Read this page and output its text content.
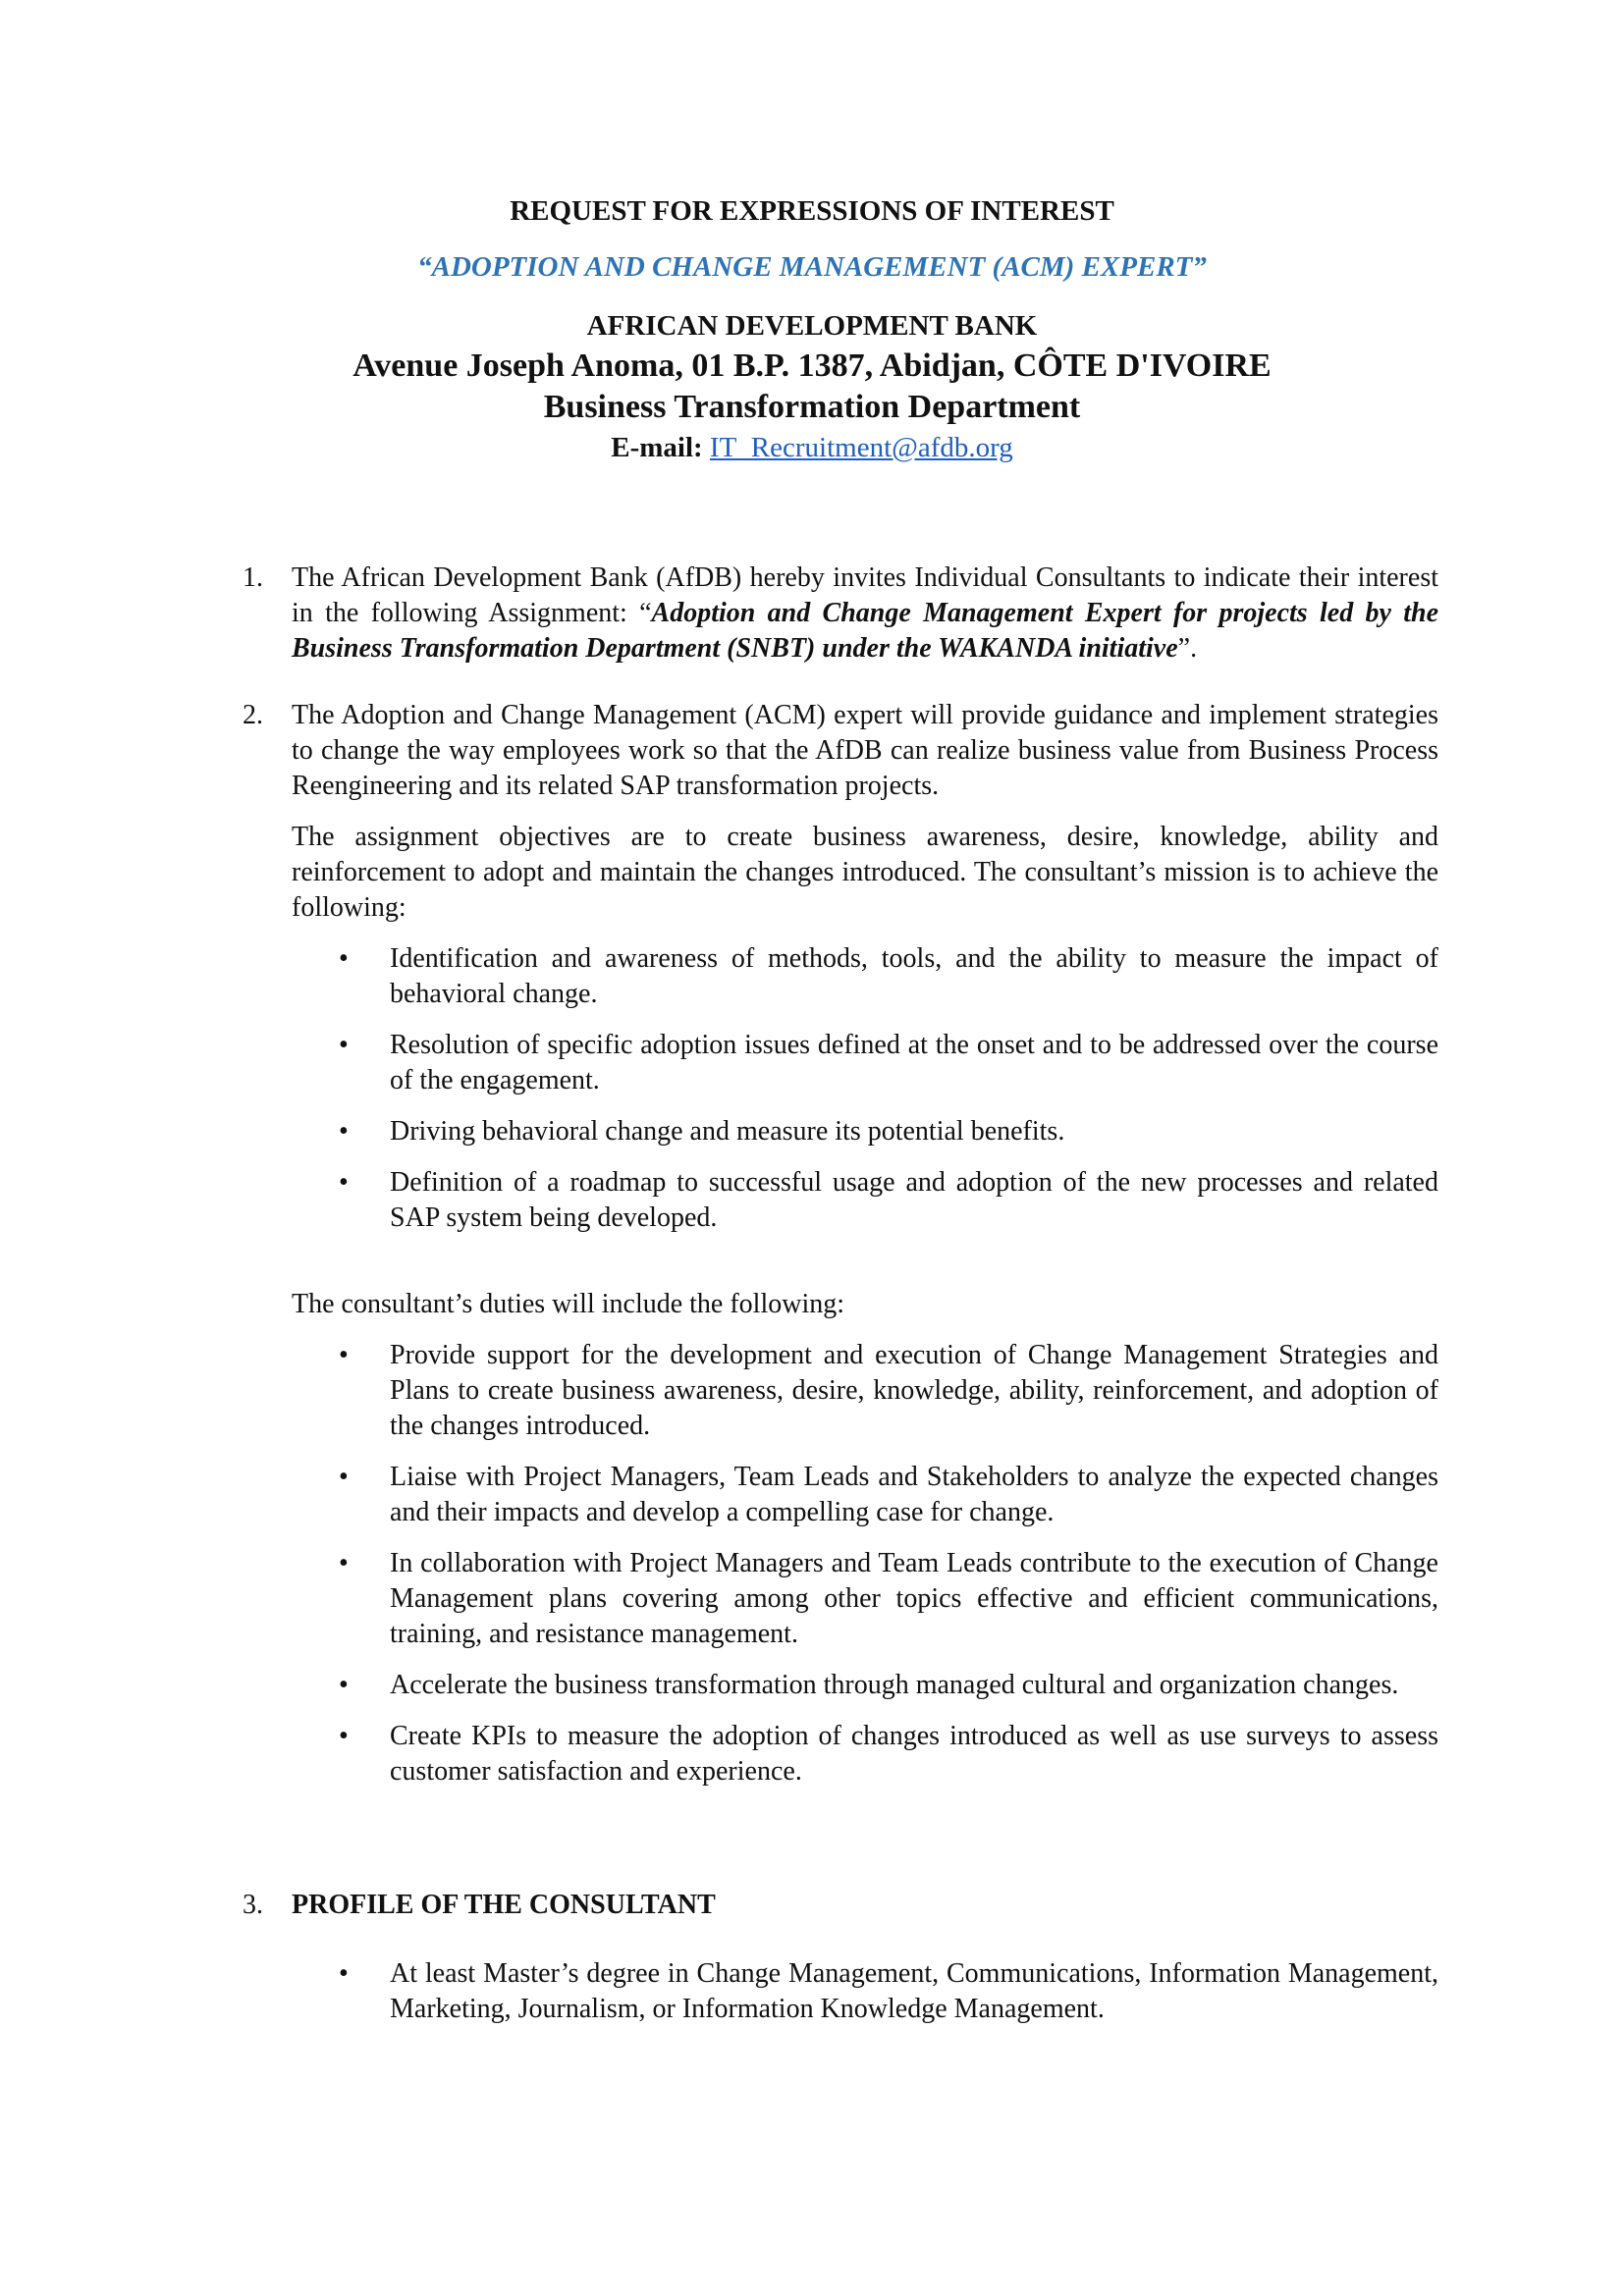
REQUEST FOR EXPRESSIONS OF INTEREST

“ADOPTION AND CHANGE MANAGEMENT (ACM) EXPERT”

AFRICAN DEVELOPMENT BANK

Avenue Joseph Anoma, 01 B.P. 1387, Abidjan, CÔTE D'IVOIRE

Business Transformation Department

E-mail: IT_Recruitment@afdb.org

1.	The African Development Bank (AfDB) hereby invites Individual Consultants to indicate their interest in the following Assignment: “Adoption and Change Management Expert for projects led by the Business Transformation Department (SNBT) under the WAKANDA initiative”.
2.	The Adoption and Change Management (ACM) expert will provide guidance and implement strategies to change the way employees work so that the AfDB can realize business value from Business Process Reengineering and its related SAP transformation projects.
The assignment objectives are to create business awareness, desire, knowledge, ability and reinforcement to adopt and maintain the changes introduced. The consultant’s mission is to achieve the following:
• Identification and awareness of methods, tools, and the ability to measure the impact of behavioral change.
• Resolution of specific adoption issues defined at the onset and to be addressed over the course of the engagement.
• Driving behavioral change and measure its potential benefits.
• Definition of a roadmap to successful usage and adoption of the new processes and related SAP system being developed.
The consultant’s duties will include the following:
• Provide support for the development and execution of Change Management Strategies and Plans to create business awareness, desire, knowledge, ability, reinforcement, and adoption of the changes introduced.
• Liaise with Project Managers, Team Leads and Stakeholders to analyze the expected changes and their impacts and develop a compelling case for change.
• In collaboration with Project Managers and Team Leads contribute to the execution of Change Management plans covering among other topics effective and efficient communications, training, and resistance management.
• Accelerate the business transformation through managed cultural and organization changes.
• Create KPIs to measure the adoption of changes introduced as well as use surveys to assess customer satisfaction and experience.
3.	PROFILE OF THE CONSULTANT
• At least Master’s degree in Change Management, Communications, Information Management, Marketing, Journalism, or Information Knowledge Management.
